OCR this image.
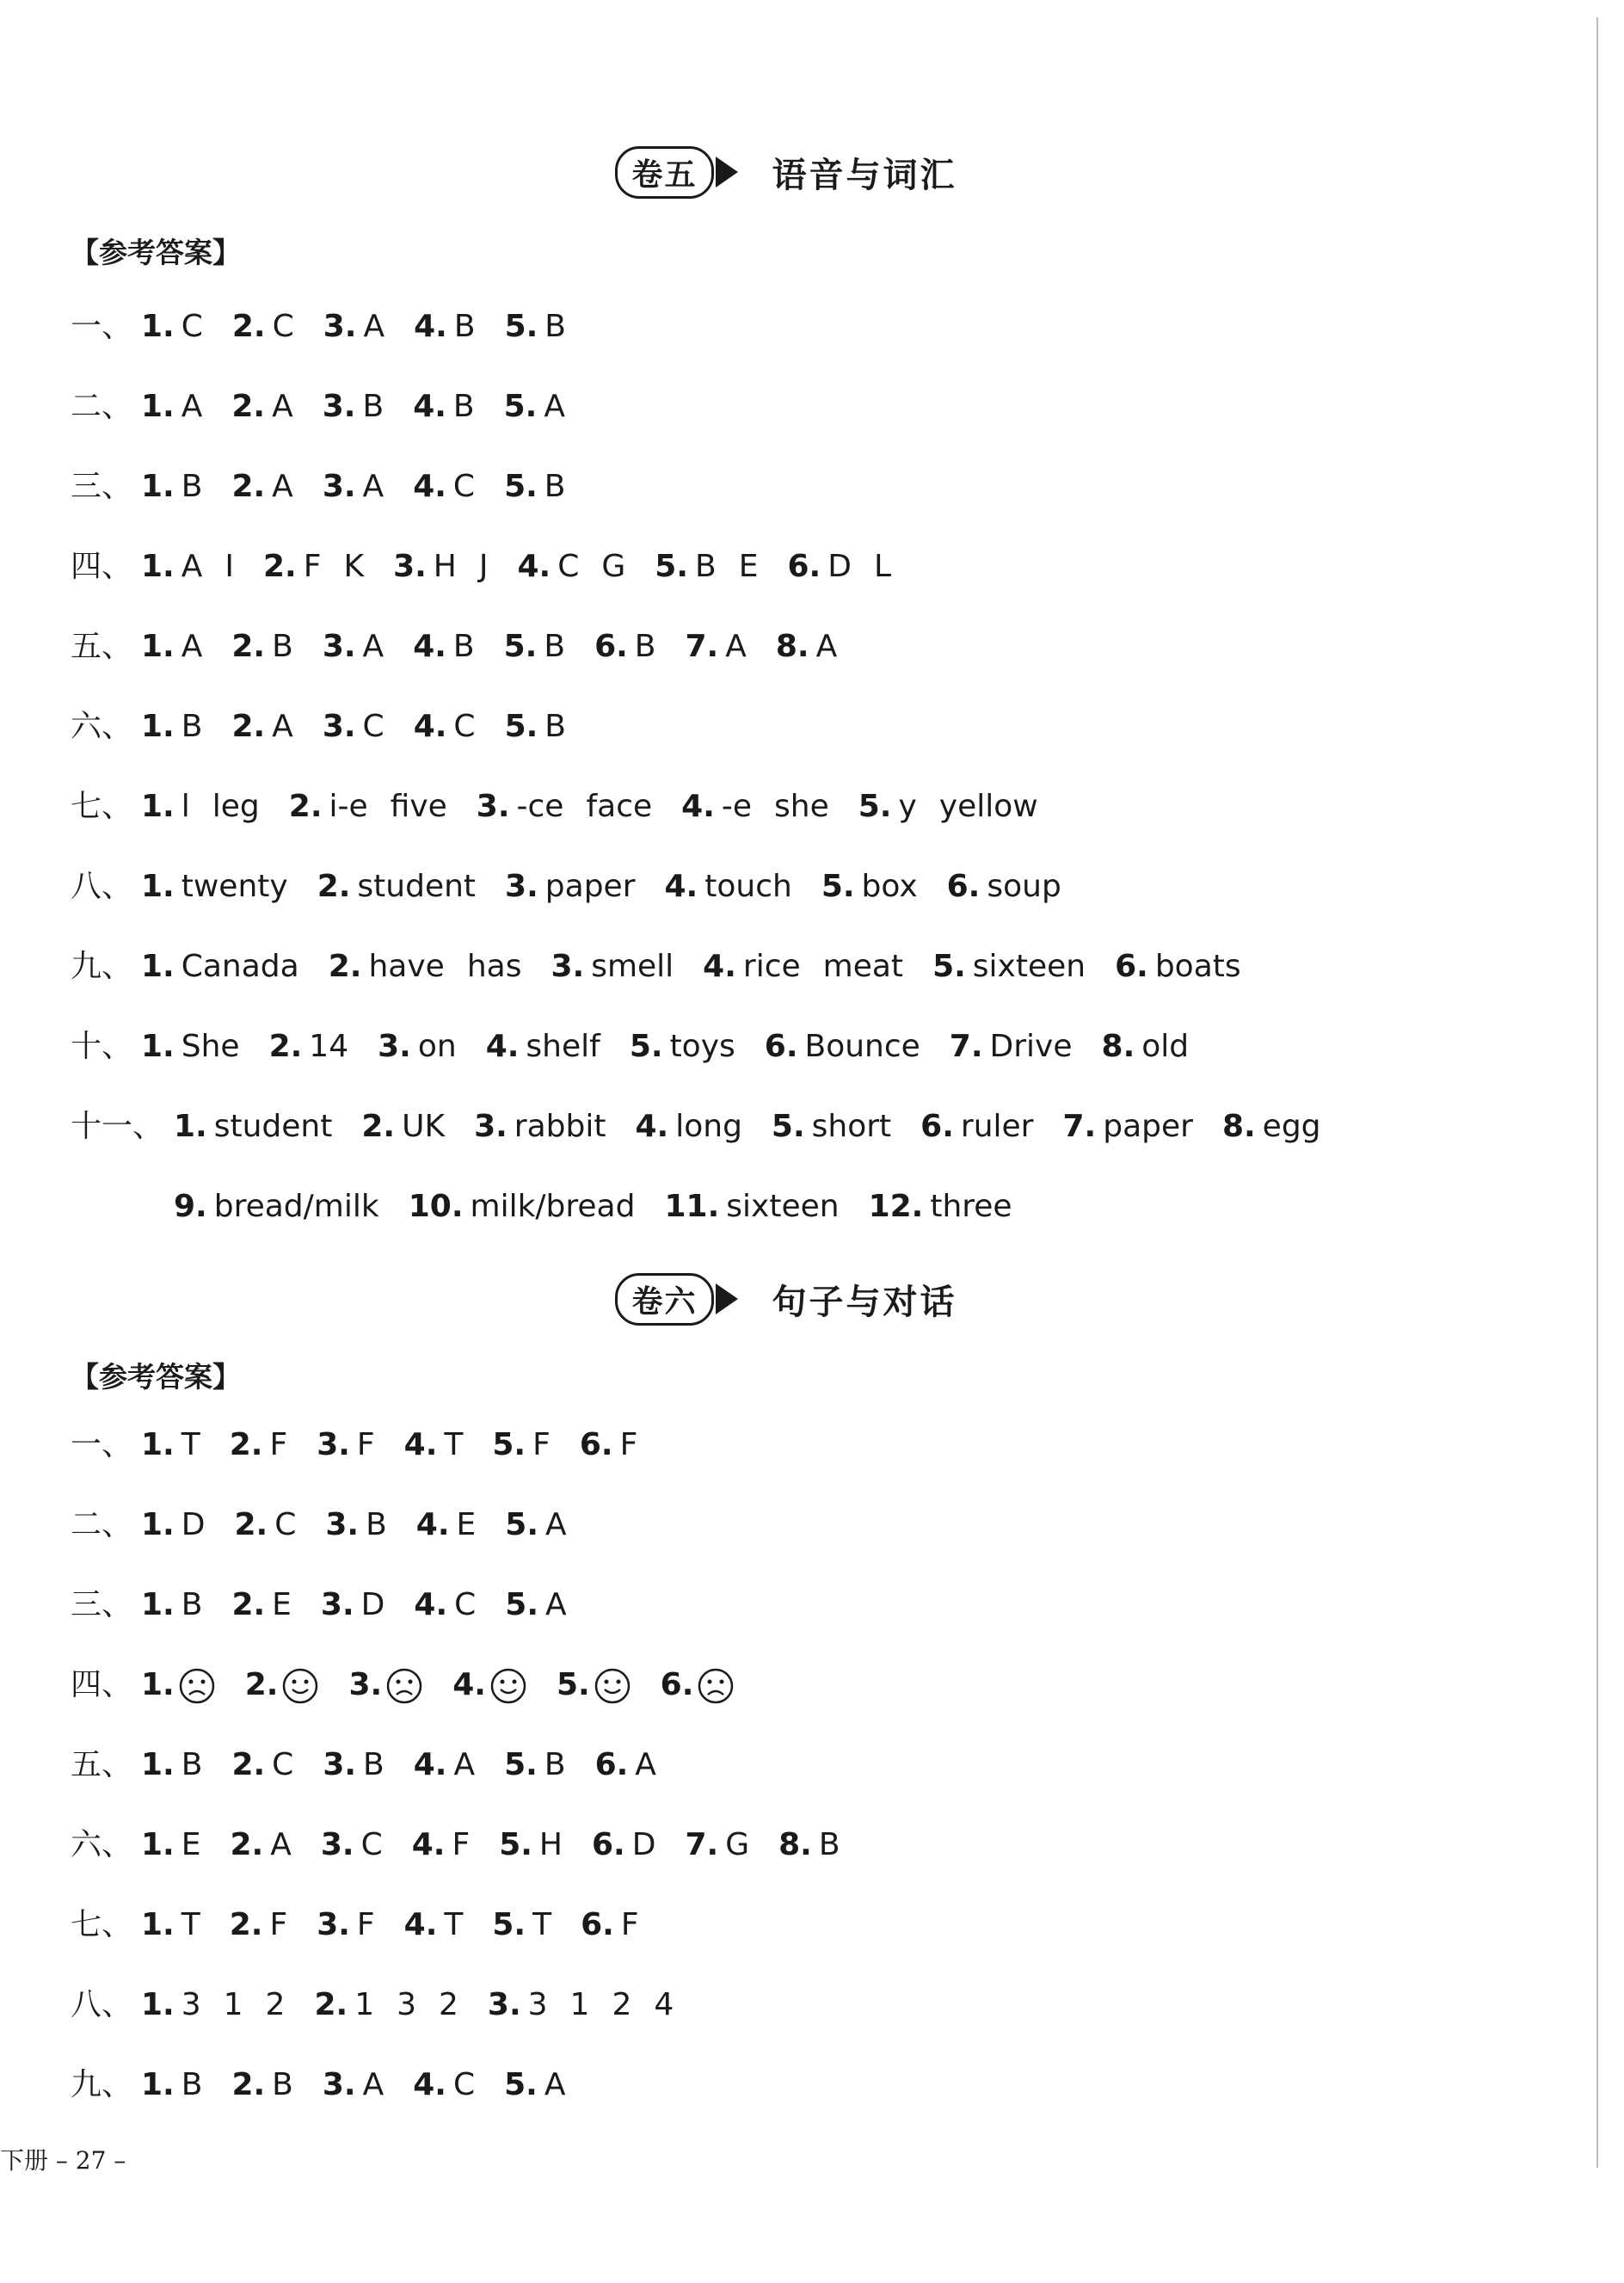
卷五	语音与词汇
【参考答案】
一、 1. C 2. C 3. A 4. B 5. B
二、 1. A 2. A 3. B 4. B 5. A
三、 1. B 2. A 3. A 4. C 5. B
四、 1. A I 2. F K 3. H J 4. C G 5. B E 6. D L
五、 1. A 2. B 3. A 4. B 5. B 6. B 7. A 8. A
六、 1. B 2. A 3. C 4. C 5. B
七、 1. l leg 2. i-e five 3. -ce face 4. -e she 5. y yellow
八、 1. twenty 2. student 3. paper 4. touch 5. box 6. soup
九、 1. Canada 2. have has 3. smell 4. rice meat 5. sixteen 6. boats
十、 1. She 2. 14 3. on 4. shelf 5. toys 6. Bounce 7. Drive 8. old
十一、 1. student 2. UK 3. rabbit 4. long 5. short 6. ruler 7. paper 8. egg
9. bread/milk 10. milk/bread 11. sixteen 12. three
卷六	句子与对话
【参考答案】
一、 1. T 2. F 3. F 4. T 5. F 6. F
二、 1. D 2. C 3. B 4. E 5. A
三、 1. B 2. E 3. D 4. C 5. A
四、 1. 2. 3. 4. 5. 6.
五、 1. B 2. C 3. B 4. A 5. B 6. A
六、 1. E 2. A 3. C 4. F 5. H 6. D 7. G 8. B
七、 1. T 2. F 3. F 4. T 5. T 6. F
八、 1. 3 1 2 2. 1 3 2 3. 3 1 2 4
九、 1. B 2. B 3. A 4. C 5. A
下册 – 27 –
